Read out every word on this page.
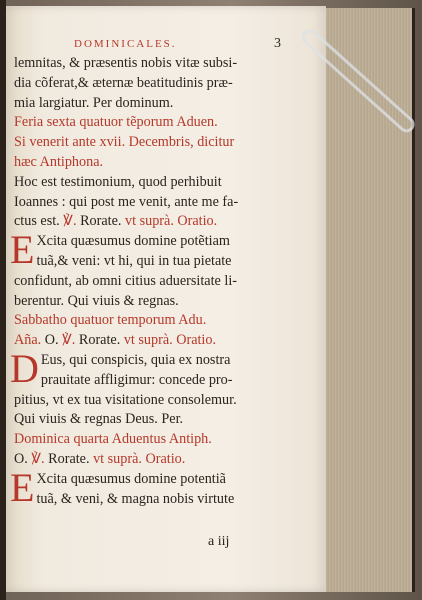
DOMINICALES.	3
lemnitas, & præsentis nobis vitæ subsi-
dia cõferat,& æternæ beatitudinis præ-
mia largiatur. Per dominum.
Feria sexta quatuor tẽporum Aduen.
Si venerit ante xvii. Decembris, dicitur
hæc Antiphona.
Hoc est testimonium, quod perhibuit
Ioannes : qui post me venit, ante me fa-
ctus est. ℣. Rorate. vt suprà. Oratio.
E Xcita quæsumus domine potẽtiam
tuã,& veni: vt hi, qui in tua pietate
confidunt, ab omni citius aduersitate li-
berentur. Qui viuis & regnas.
Sabbatho quatuor temporum Adu.
Aña. O. ℣. Rorate. vt suprà. Oratio.
D Eus, qui conspicis, quia ex nostra
prauitate affligimur: concede pro-
pitius, vt ex tua visitatione consolemur.
Qui viuis & regnas Deus. Per.
Dominica quarta Aduentus Antiph.
O. ℣. Rorate. vt suprà. Oratio.
E Xcita quæsumus domine potentiã
tuã, & veni, & magna nobis virtute
a iij
